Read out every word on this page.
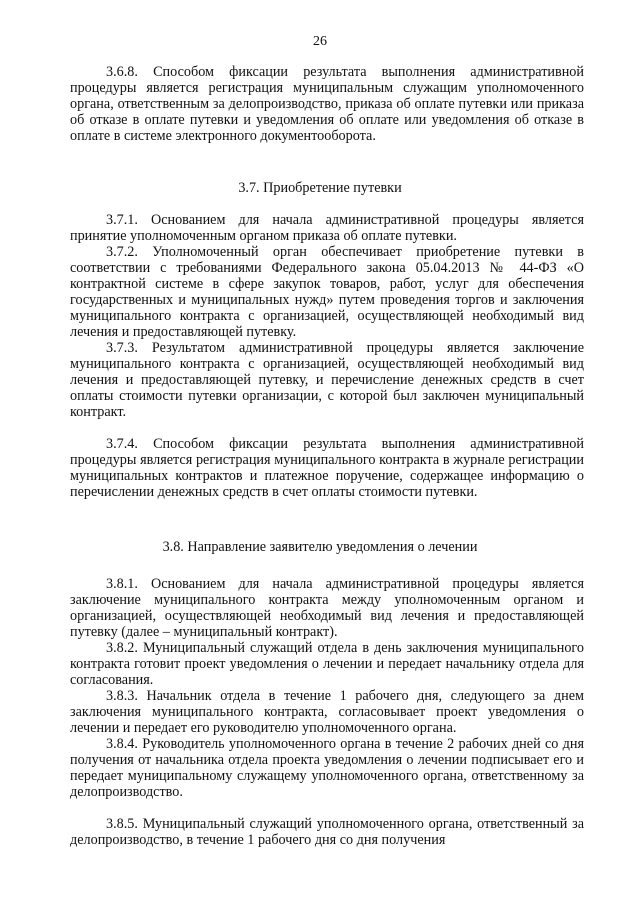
26

3.6.8. Способом фиксации результата выполнения административной процедуры является регистрация муниципальным служащим уполномоченного органа, ответственным за делопроизводство, приказа об оплате путевки или приказа об отказе в оплате путевки и уведомления об оплате или уведомления об отказе в оплате в системе электронного документооборота.

3.7. Приобретение путевки

3.7.1. Основанием для начала административной процедуры является принятие уполномоченным органом приказа об оплате путевки.

3.7.2. Уполномоченный орган обеспечивает приобретение путевки в соответствии с требованиями Федерального закона 05.04.2013 № 44-ФЗ «О контрактной системе в сфере закупок товаров, работ, услуг для обеспечения государственных и муниципальных нужд» путем проведения торгов и заключения муниципального контракта с организацией, осуществляющей необходимый вид лечения и предоставляющей путевку.

3.7.3. Результатом административной процедуры является заключение муниципального контракта с организацией, осуществляющей необходимый вид лечения и предоставляющей путевку, и перечисление денежных средств в счет оплаты стоимости путевки организации, с которой был заключен муниципальный контракт.

3.7.4. Способом фиксации результата выполнения административной процедуры является регистрация муниципального контракта в журнале регистрации муниципальных контрактов и платежное поручение, содержащее информацию о перечислении денежных средств в счет оплаты стоимости путевки.

3.8. Направление заявителю уведомления о лечении

3.8.1. Основанием для начала административной процедуры является заключение муниципального контракта между уполномоченным органом и организацией, осуществляющей необходимый вид лечения и предоставляющей путевку (далее – муниципальный контракт).

3.8.2. Муниципальный служащий отдела в день заключения муниципального контракта готовит проект уведомления о лечении и передает начальнику отдела для согласования.

3.8.3. Начальник отдела в течение 1 рабочего дня, следующего за днем заключения муниципального контракта, согласовывает проект уведомления о лечении и передает его руководителю уполномоченного органа.

3.8.4. Руководитель уполномоченного органа в течение 2 рабочих дней со дня получения от начальника отдела проекта уведомления о лечении подписывает его и передает муниципальному служащему уполномоченного органа, ответственному за делопроизводство.

3.8.5. Муниципальный служащий уполномоченного органа, ответственный за делопроизводство, в течение 1 рабочего дня со дня получения
